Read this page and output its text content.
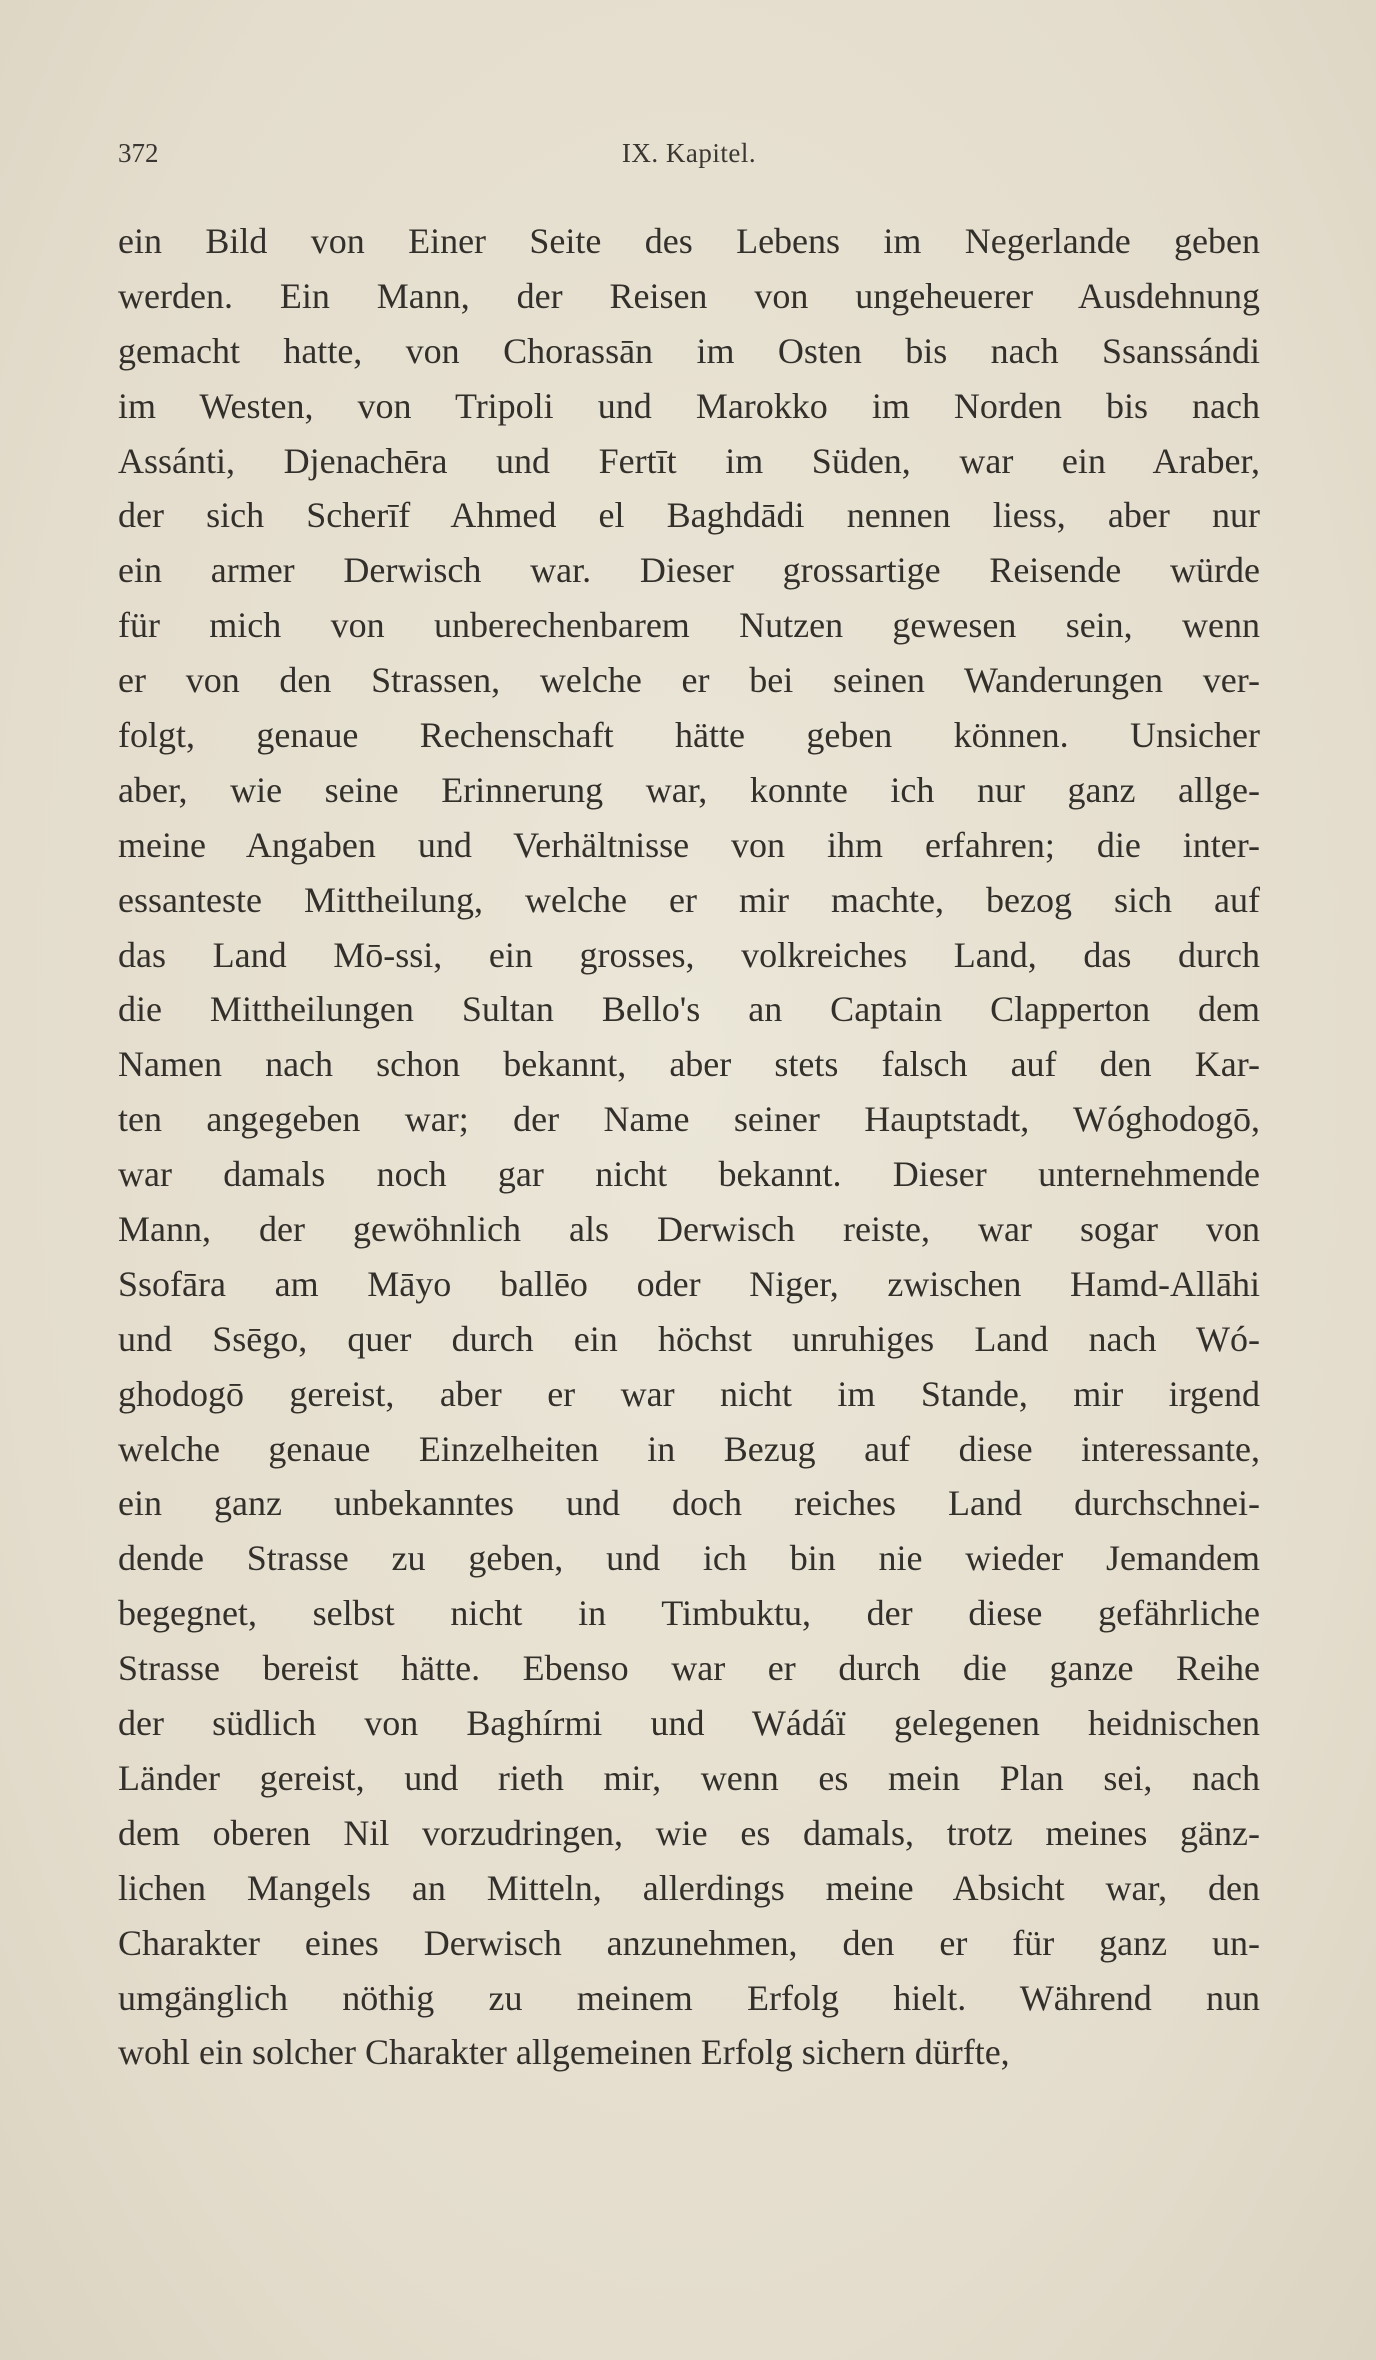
372	IX. Kapitel.
ein Bild von Einer Seite des Lebens im Negerlande geben
werden. Ein Mann, der Reisen von ungeheuerer Ausdehnung
gemacht hatte, von Chorassān im Osten bis nach Ssanssándi
im Westen, von Tripoli und Marokko im Norden bis nach
Assánti, Djenachēra und Fertīt im Süden, war ein Araber,
der sich Scherīf Ahmed el Baghdādi nennen liess, aber nur
ein armer Derwisch war. Dieser grossartige Reisende würde
für mich von unberechenbarem Nutzen gewesen sein, wenn
er von den Strassen, welche er bei seinen Wanderungen ver-
folgt, genaue Rechenschaft hätte geben können. Unsicher
aber, wie seine Erinnerung war, konnte ich nur ganz allge-
meine Angaben und Verhältnisse von ihm erfahren; die inter-
essanteste Mittheilung, welche er mir machte, bezog sich auf
das Land Mō-ssi, ein grosses, volkreiches Land, das durch
die Mittheilungen Sultan Bello's an Captain Clapperton dem
Namen nach schon bekannt, aber stets falsch auf den Kar-
ten angegeben war; der Name seiner Hauptstadt, Wóghodogō,
war damals noch gar nicht bekannt. Dieser unternehmende
Mann, der gewöhnlich als Derwisch reiste, war sogar von
Ssofāra am Māyo ballēo oder Niger, zwischen Hamd-Allāhi
und Ssēgo, quer durch ein höchst unruhiges Land nach Wó-
ghodogō gereist, aber er war nicht im Stande, mir irgend
welche genaue Einzelheiten in Bezug auf diese interessante,
ein ganz unbekanntes und doch reiches Land durchschnei-
dende Strasse zu geben, und ich bin nie wieder Jemandem
begegnet, selbst nicht in Timbuktu, der diese gefährliche
Strasse bereist hätte. Ebenso war er durch die ganze Reihe
der südlich von Baghírmi und Wádáï gelegenen heidnischen
Länder gereist, und rieth mir, wenn es mein Plan sei, nach
dem oberen Nil vorzudringen, wie es damals, trotz meines gänz-
lichen Mangels an Mitteln, allerdings meine Absicht war, den
Charakter eines Derwisch anzunehmen, den er für ganz un-
umgänglich nöthig zu meinem Erfolg hielt. Während nun
wohl ein solcher Charakter allgemeinen Erfolg sichern dürfte,
